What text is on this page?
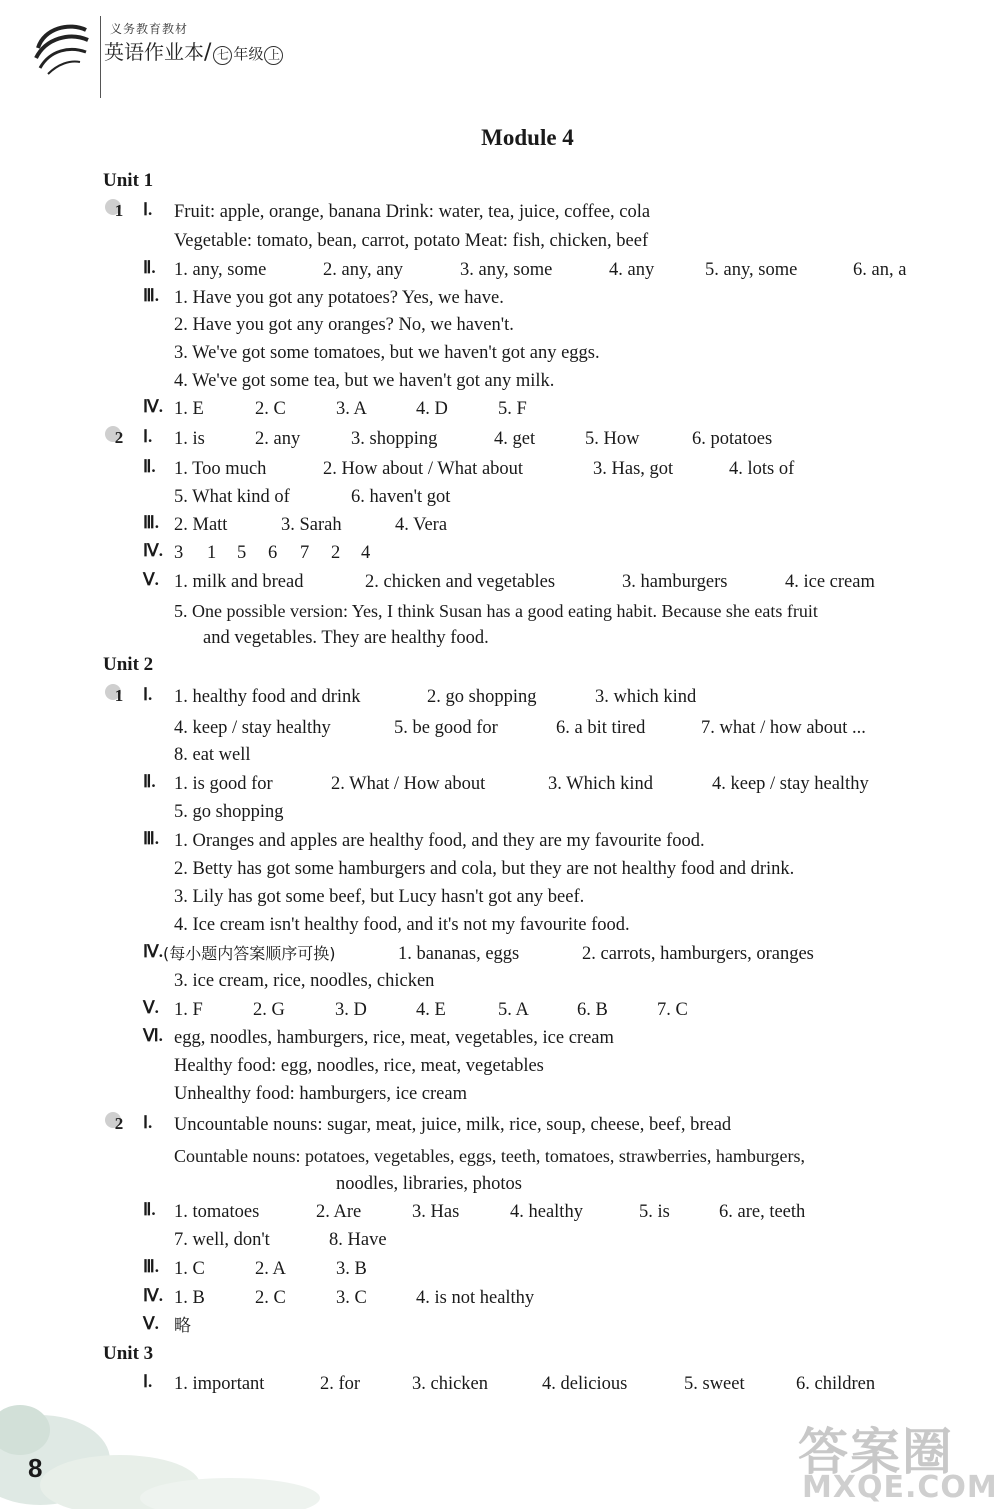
义务教育教材
英语作业本/ 七 年级 上
Module 4
Unit 1
1	Ⅰ. Fruit: apple, orange, banana Drink: water, tea, juice, coffee, cola
Vegetable: tomato, bean, carrot, potato Meat: fish, chicken, beef
Ⅱ. 1. any, some	2. any, any	3. any, some	4. any	5. any, some	6. an, a
Ⅲ. 1. Have you got any potatoes? Yes, we have.
2. Have you got any oranges? No, we haven't.
3. We've got some tomatoes, but we haven't got any eggs.
4. We've got some tea, but we haven't got any milk.
Ⅳ. 1. E	2. C	3. A	4. D	5. F
2	Ⅰ. 1. is	2. any	3. shopping	4. get	5. How	6. potatoes
Ⅱ. 1. Too much	2. How about / What about	3. Has, got	4. lots of
5. What kind of	6. haven't got
Ⅲ. 2. Matt	3. Sarah	4. Vera
Ⅳ. 3 1 5 6 7 2 4
Ⅴ. 1. milk and bread	2. chicken and vegetables	3. hamburgers	4. ice cream
5. One possible version: Yes, I think Susan has a good eating habit. Because she eats fruit
and vegetables. They are healthy food.
Unit 2
1	Ⅰ. 1. healthy food and drink	2. go shopping	3. which kind
4. keep / stay healthy	5. be good for	6. a bit tired	7. what / how about ...
8. eat well
Ⅱ. 1. is good for	2. What / How about	3. Which kind	4. keep / stay healthy
5. go shopping
Ⅲ. 1. Oranges and apples are healthy food, and they are my favourite food.
2. Betty has got some hamburgers and cola, but they are not healthy food and drink.
3. Lily has got some beef, but Lucy hasn't got any beef.
4. Ice cream isn't healthy food, and it's not my favourite food.
Ⅳ. (每小题内答案顺序可换)	1. bananas, eggs	2. carrots, hamburgers, oranges
3. ice cream, rice, noodles, chicken
Ⅴ. 1. F	2. G	3. D	4. E	5. A	6. B	7. C
Ⅵ. egg, noodles, hamburgers, rice, meat, vegetables, ice cream
Healthy food: egg, noodles, rice, meat, vegetables
Unhealthy food: hamburgers, ice cream
2	Ⅰ. Uncountable nouns: sugar, meat, juice, milk, rice, soup, cheese, beef, bread
Countable nouns: potatoes, vegetables, eggs, teeth, tomatoes, strawberries, hamburgers,
noodles, libraries, photos
Ⅱ. 1. tomatoes	2. Are	3. Has	4. healthy	5. is	6. are, teeth
7. well, don't	8. Have
Ⅲ. 1. C	2. A	3. B
Ⅳ. 1. B	2. C	3. C	4. is not healthy
Ⅴ. 略
Unit 3
Ⅰ. 1. important	2. for	3. chicken	4. delicious	5. sweet	6. children
8	答案圈
MXQE.COM
